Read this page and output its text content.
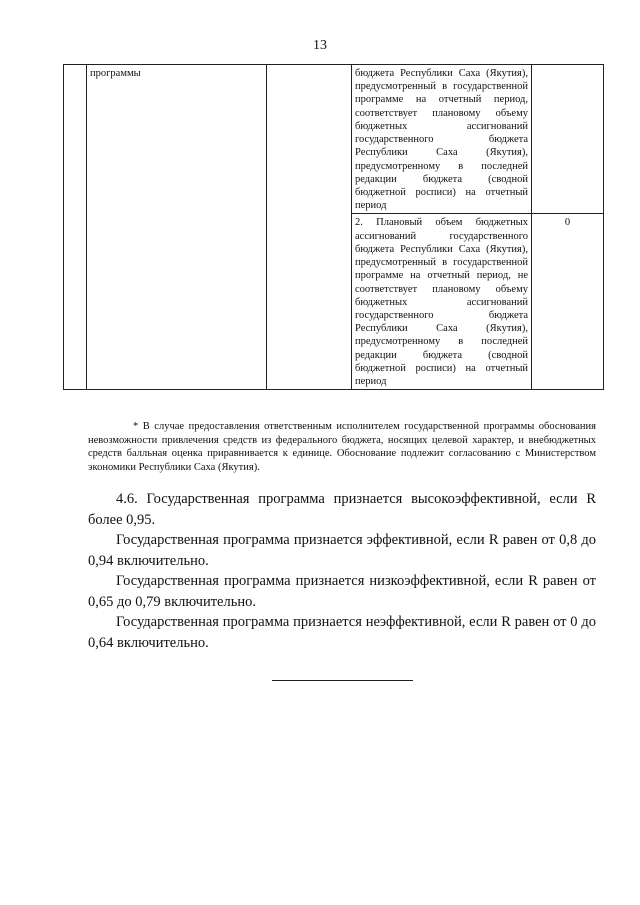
13
	программы		бюджета Республики Саха (Якутия), предусмотренный в государственной программе на отчетный период, соответствует плановому объему бюджетных ассигнований государственного бюджета Республики Саха (Якутия), предусмотренному в последней редакции бюджета (сводной бюджетной росписи) на отчетный период	
			2. Плановый объем бюджетных ассигнований государственного бюджета Республики Саха (Якутия), предусмотренный в государственной программе на отчетный период, не соответствует плановому объему бюджетных ассигнований государственного бюджета Республики Саха (Якутия), предусмотренному в последней редакции бюджета (сводной бюджетной росписи) на отчетный период	0

* В случае предоставления ответственным исполнителем государственной программы обоснования невозможности привлечения средств из федерального бюджета, носящих целевой характер, и внебюджетных средств балльная оценка приравнивается к единице. Обоснование подлежит согласованию с Министерством экономики Республики Саха (Якутия).

4.6. Государственная программа признается высокоэффективной, если R более 0,95.

Государственная программа признается эффективной, если R равен от 0,8 до 0,94 включительно.

Государственная программа признается низкоэффективной, если R равен от 0,65 до 0,79 включительно.

Государственная программа признается неэффективной, если R равен от 0 до 0,64 включительно.
